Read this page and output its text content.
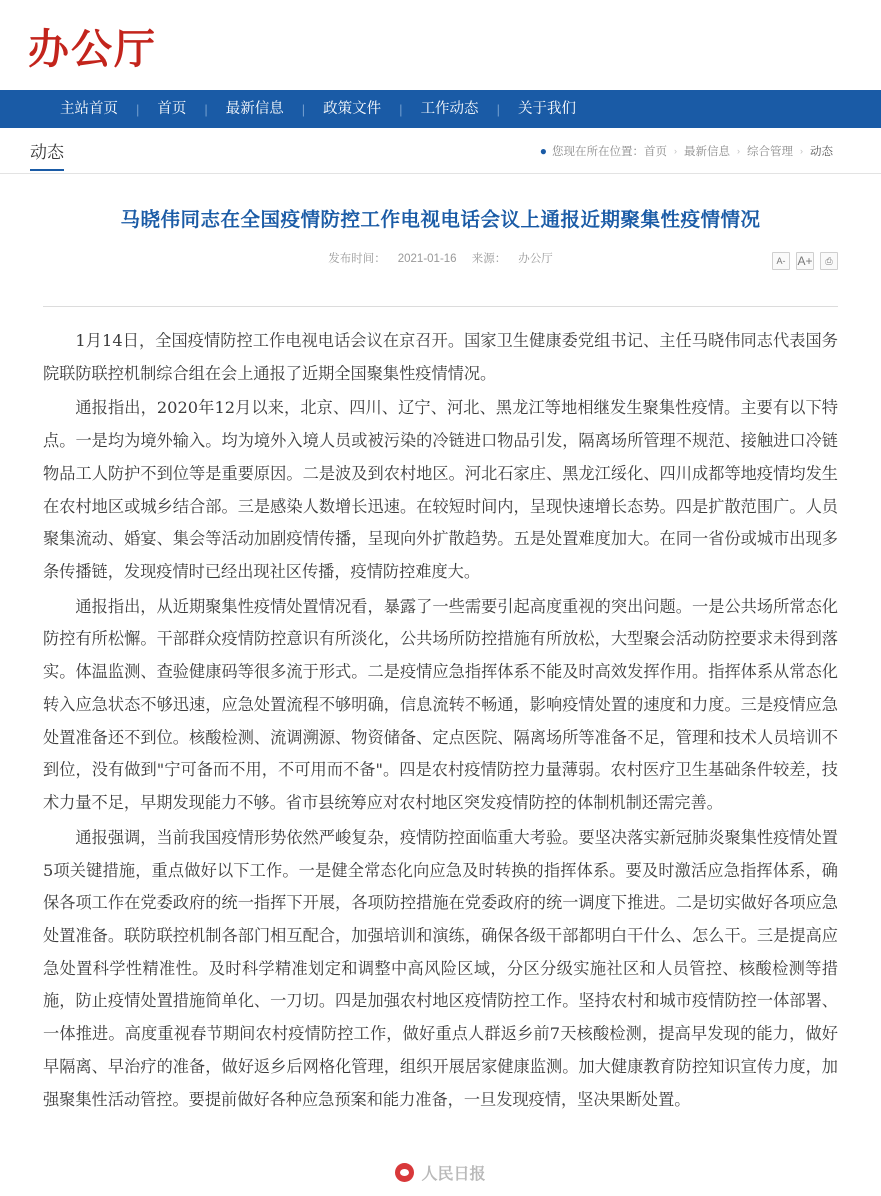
办公厅
主站首页	|	首页	|	最新信息	|	政策文件	|	工作动态	|	关于我们
动态	● 您现在所在位置： 首页 › 最新信息 › 综合管理 › 动态
马晓伟同志在全国疫情防控工作电视电话会议上通报近期聚集性疫情情况
发布时间： 2021-01-16 来源： 办公厅	A- A+	⎙

1月14日，全国疫情防控工作电视电话会议在京召开。国家卫生健康委党组书记、主任马晓伟同志代表国务院联防联控机制综合组在会上通报了近期全国聚集性疫情情况。

通报指出，2020年12月以来，北京、四川、辽宁、河北、黑龙江等地相继发生聚集性疫情。主要有以下特点。一是均为境外输入。均为境外入境人员或被污染的冷链进口物品引发，隔离场所管理不规范、接触进口冷链物品工人防护不到位等是重要原因。二是波及到农村地区。河北石家庄、黑龙江绥化、四川成都等地疫情均发生在农村地区或城乡结合部。三是感染人数增长迅速。在较短时间内，呈现快速增长态势。四是扩散范围广。人员聚集流动、婚宴、集会等活动加剧疫情传播，呈现向外扩散趋势。五是处置难度加大。在同一省份或城市出现多条传播链，发现疫情时已经出现社区传播，疫情防控难度大。

通报指出，从近期聚集性疫情处置情况看，暴露了一些需要引起高度重视的突出问题。一是公共场所常态化防控有所松懈。干部群众疫情防控意识有所淡化，公共场所防控措施有所放松，大型聚会活动防控要求未得到落实。体温监测、查验健康码等很多流于形式。二是疫情应急指挥体系不能及时高效发挥作用。指挥体系从常态化转入应急状态不够迅速，应急处置流程不够明确，信息流转不畅通，影响疫情处置的速度和力度。三是疫情应急处置准备还不到位。核酸检测、流调溯源、物资储备、定点医院、隔离场所等准备不足，管理和技术人员培训不到位，没有做到"宁可备而不用，不可用而不备"。四是农村疫情防控力量薄弱。农村医疗卫生基础条件较差，技术力量不足，早期发现能力不够。省市县统筹应对农村地区突发疫情防控的体制机制还需完善。

通报强调，当前我国疫情形势依然严峻复杂，疫情防控面临重大考验。要坚决落实新冠肺炎聚集性疫情处置5项关键措施，重点做好以下工作。一是健全常态化向应急及时转换的指挥体系。要及时激活应急指挥体系，确保各项工作在党委政府的统一指挥下开展，各项防控措施在党委政府的统一调度下推进。二是切实做好各项应急处置准备。联防联控机制各部门相互配合，加强培训和演练，确保各级干部都明白干什么、怎么干。三是提高应急处置科学性精准性。及时科学精准划定和调整中高风险区域，分区分级实施社区和人员管控、核酸检测等措施，防止疫情处置措施简单化、一刀切。四是加强农村地区疫情防控工作。坚持农村和城市疫情防控一体部署、一体推进。高度重视春节期间农村疫情防控工作，做好重点人群返乡前7天核酸检测，提高早发现的能力，做好早隔离、早治疗的准备，做好返乡后网格化管理，组织开展居家健康监测。加大健康教育防控知识宣传力度，加强聚集性活动管控。要提前做好各种应急预案和能力准备，一旦发现疫情，坚决果断处置。

人民日报
